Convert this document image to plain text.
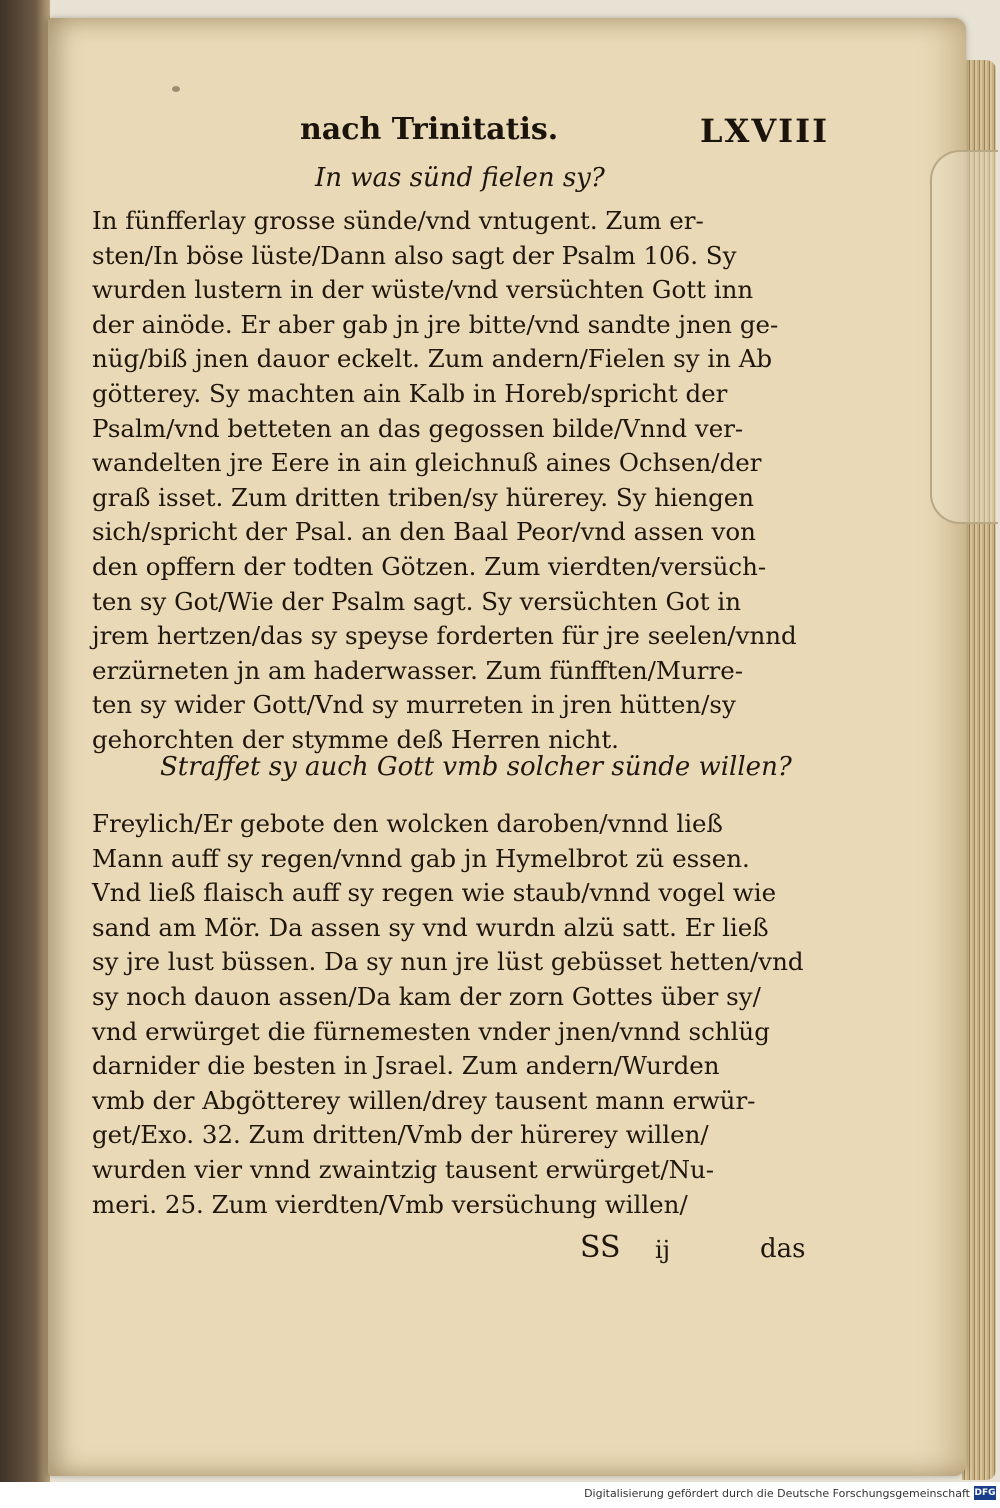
nach Trinitatis.	LXVIII
In was sünd fielen sy?
In fünfferlay grosse sünde/vnd vntugent. Zum er-
sten/In böse lüste/Dann also sagt der Psalm 106. Sy
wurden lustern in der wüste/vnd versüchten Gott inn
der ainöde. Er aber gab jn jre bitte/vnd sandte jnen ge-
nüg/biß jnen dauor eckelt. Zum andern/Fielen sy in Ab
götterey. Sy machten ain Kalb in Horeb/spricht der
Psalm/vnd betteten an das gegossen bilde/Vnnd ver-
wandelten jre Eere in ain gleichnuß aines Ochsen/der
graß isset. Zum dritten triben/sy hürerey. Sy hiengen
sich/spricht der Psal. an den Baal Peor/vnd assen von
den opffern der todten Götzen. Zum vierdten/versüch-
ten sy Got/Wie der Psalm sagt. Sy versüchten Got in
jrem hertzen/das sy speyse forderten für jre seelen/vnnd
erzürneten jn am haderwasser. Zum fünfften/Murre-
ten sy wider Gott/Vnd sy murreten in jren hütten/sy
gehorchten der stymme deß Herren nicht.
Straffet sy auch Gott vmb solcher sünde willen?
Freylich/Er gebote den wolcken daroben/vnnd ließ
Mann auff sy regen/vnnd gab jn Hymelbrot zü essen.
Vnd ließ flaisch auff sy regen wie staub/vnnd vogel wie
sand am Mör. Da assen sy vnd wurdn alzü satt. Er ließ
sy jre lust büssen. Da sy nun jre lüst gebüsset hetten/vnd
sy noch dauon assen/Da kam der zorn Gottes über sy/
vnd erwürget die fürnemesten vnder jnen/vnnd schlüg
darnider die besten in Jsrael. Zum andern/Wurden
vmb der Abgötterey willen/drey tausent mann erwür-
get/Exo. 32. Zum dritten/Vmb der hürerey willen/
wurden vier vnnd zwaintzig tausent erwürget/Nu-
meri. 25. Zum vierdten/Vmb versüchung willen/
SS ij	das
Digitalisierung gefördert durch die Deutsche Forschungsgemeinschaft DFG
